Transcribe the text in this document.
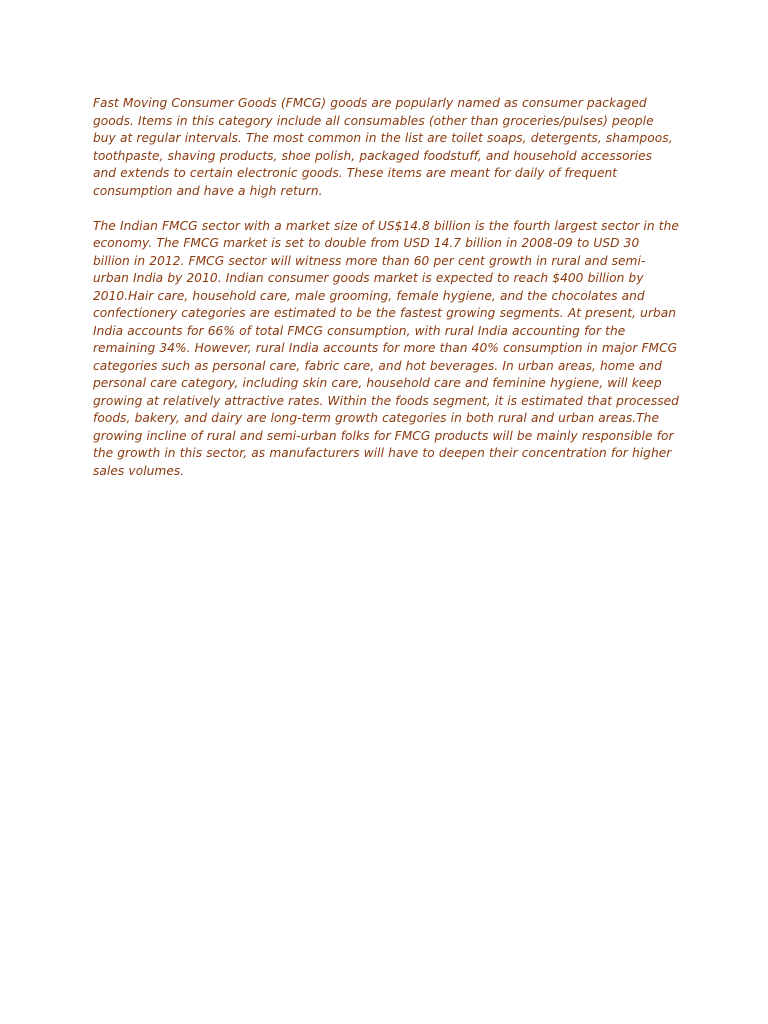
Fast Moving Consumer Goods (FMCG) goods are popularly named as consumer packaged goods. Items in this category include all consumables (other than groceries/pulses) people buy at regular intervals. The most common in the list are toilet soaps, detergents, shampoos, toothpaste, shaving products, shoe polish, packaged foodstuff, and household accessories and extends to certain electronic goods. These items are meant for daily of frequent consumption and have a high return.

The Indian FMCG sector with a market size of US$14.8 billion is the fourth largest sector in the economy. The FMCG market is set to double from USD 14.7 billion in 2008-09 to USD 30 billion in 2012. FMCG sector will witness more than 60 per cent growth in rural and semi-urban India by 2010. Indian consumer goods market is expected to reach $400 billion by 2010.Hair care, household care, male grooming, female hygiene, and the chocolates and confectionery categories are estimated to be the fastest growing segments. At present, urban India accounts for 66% of total FMCG consumption, with rural India accounting for the remaining 34%. However, rural India accounts for more than 40% consumption in major FMCG categories such as personal care, fabric care, and hot beverages. In urban areas, home and personal care category, including skin care, household care and feminine hygiene, will keep growing at relatively attractive rates. Within the foods segment, it is estimated that processed foods, bakery, and dairy are long-term growth categories in both rural and urban areas.The growing incline of rural and semi-urban folks for FMCG products will be mainly responsible for the growth in this sector, as manufacturers will have to deepen their concentration for higher sales volumes.
